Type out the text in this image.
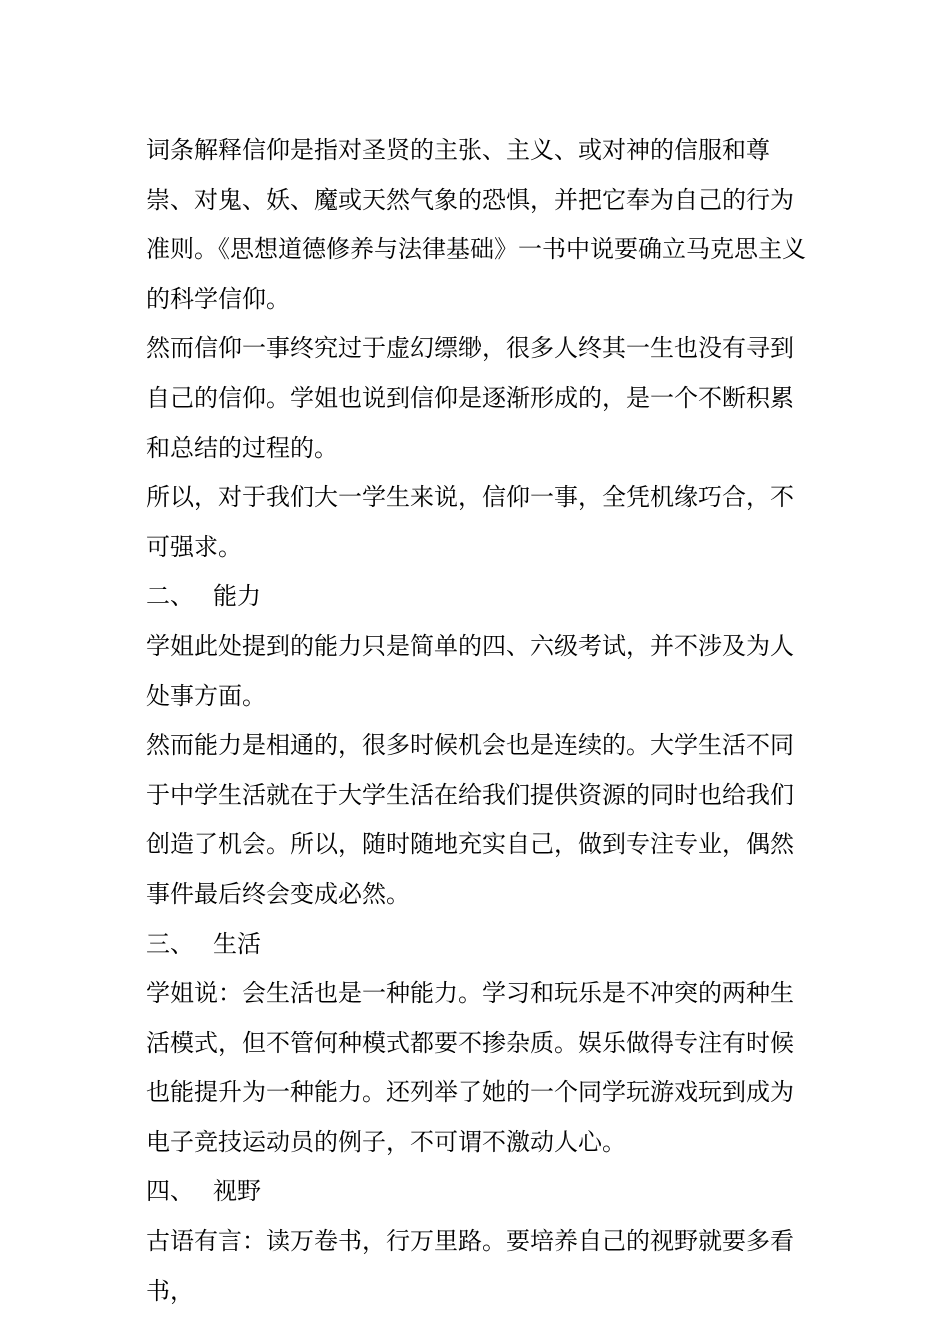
词条解释信仰是指对圣贤的主张、主义、或对神的信服和尊崇、对鬼、妖、魔或天然气象的恐惧，并把它奉为自己的行为准则。《思想道德修养与法律基础》一书中说要确立马克思主义的科学信仰。

然而信仰一事终究过于虚幻缥缈，很多人终其一生也没有寻到自己的信仰。学姐也说到信仰是逐渐形成的，是一个不断积累和总结的过程的。

所以，对于我们大一学生来说，信仰一事，全凭机缘巧合，不可强求。

二、 能力

学姐此处提到的能力只是简单的四、六级考试，并不涉及为人处事方面。

然而能力是相通的，很多时候机会也是连续的。大学生活不同于中学生活就在于大学生活在给我们提供资源的同时也给我们创造了机会。所以，随时随地充实自己，做到专注专业，偶然事件最后终会变成必然。

三、 生活

学姐说：会生活也是一种能力。学习和玩乐是不冲突的两种生活模式，但不管何种模式都要不掺杂质。娱乐做得专注有时候也能提升为一种能力。还列举了她的一个同学玩游戏玩到成为电子竞技运动员的例子，不可谓不激动人心。

四、 视野

古语有言：读万卷书，行万里路。要培养自己的视野就要多看书，
